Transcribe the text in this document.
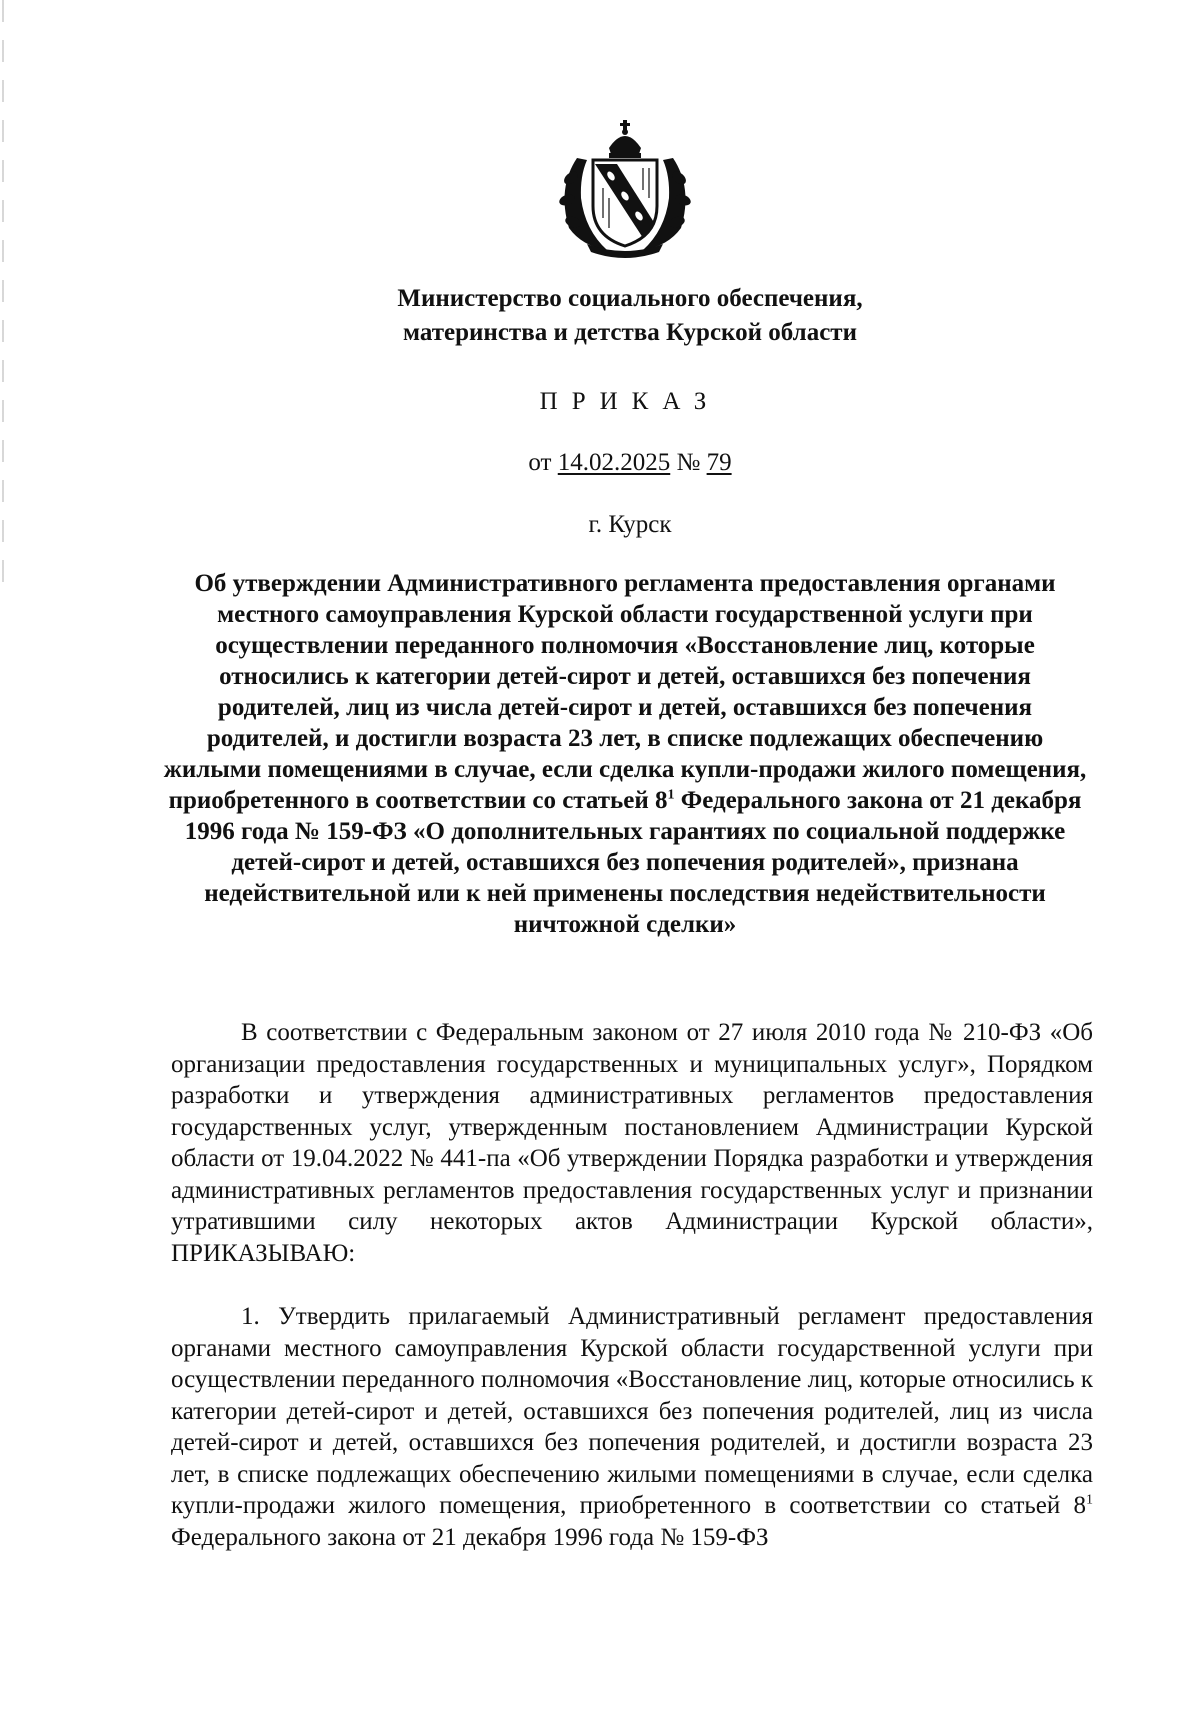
Министерство социального обеспечения,
материнства и детства Курской области
ПРИКАЗ
от 14.02.2025 № 79
г. Курск
Об утверждении Административного регламента предоставления органами местного самоуправления Курской области государственной услуги при осуществлении переданного полномочия «Восстановление лиц, которые относились к категории детей-сирот и детей, оставшихся без попечения родителей, лиц из числа детей-сирот и детей, оставшихся без попечения родителей, и достигли возраста 23 лет, в списке подлежащих обеспечению жилыми помещениями в случае, если сделка купли-продажи жилого помещения, приобретенного в соответствии со статьей $8^1$ Федерального закона от 21 декабря 1996 года № 159-ФЗ «О дополнительных гарантиях по социальной поддержке детей-сирот и детей, оставшихся без попечения родителей», признана недействительной или к ней применены последствия недействительности ничтожной сделки»
В соответствии с Федеральным законом от 27 июля 2010 года № 210-ФЗ «Об организации предоставления государственных и муниципальных услуг», Порядком разработки и утверждения административных регламентов предоставления государственных услуг, утвержденным постановлением Администрации Курской области от 19.04.2022 № 441-па «Об утверждении Порядка разработки и утверждения административных регламентов предоставления государственных услуг и признании утратившими силу некоторых актов Администрации Курской области», ПРИКАЗЫВАЮ:
1. Утвердить прилагаемый Административный регламент предоставления органами местного самоуправления Курской области государственной услуги при осуществлении переданного полномочия «Восстановление лиц, которые относились к категории детей-сирот и детей, оставшихся без попечения родителей, лиц из числа детей-сирот и детей, оставшихся без попечения родителей, и достигли возраста 23 лет, в списке подлежащих обеспечению жилыми помещениями в случае, если сделка купли-продажи жилого помещения, приобретенного в соответствии со статьей $8^1$ Федерального закона от 21 декабря 1996 года № 159-ФЗ
